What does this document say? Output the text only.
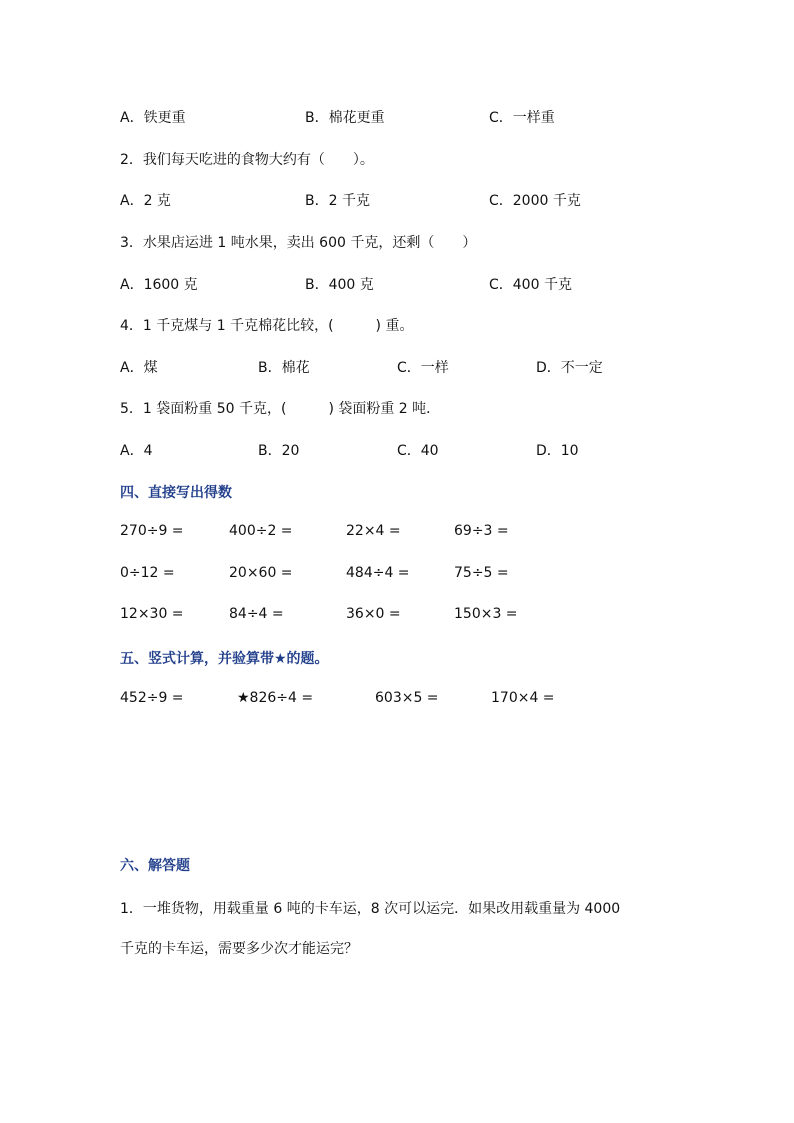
A．铁更重	B．棉花更重	C．一样重
2．我们每天吃进的食物大约有（　　）。
A．2 克	B．2 千克	C．2000 千克
3．水果店运进 1 吨水果，卖出 600 千克，还剩（　　）
A．1600 克	B．400 克	C．400 千克
4．1 千克煤与 1 千克棉花比较，(　　　) 重。
A．煤	B．棉花	C．一样	D．不一定
5．1 袋面粉重 50 千克，(　　　) 袋面粉重 2 吨．
A．4	B．20	C．40	D．10
四、直接写出得数
270÷9 =	400÷2 =	22×4 =	69÷3 =
0÷12 =	20×60 =	484÷4 =	75÷5 =
12×30 =	84÷4 =	36×0 =	150×3 =
五、竖式计算，并验算带★的题。
452÷9 =	★826÷4 =	603×5 =	170×4 =
六、解答题
1．一堆货物，用载重量 6 吨的卡车运，8 次可以运完．如果改用载重量为 4000
千克的卡车运，需要多少次才能运完？
